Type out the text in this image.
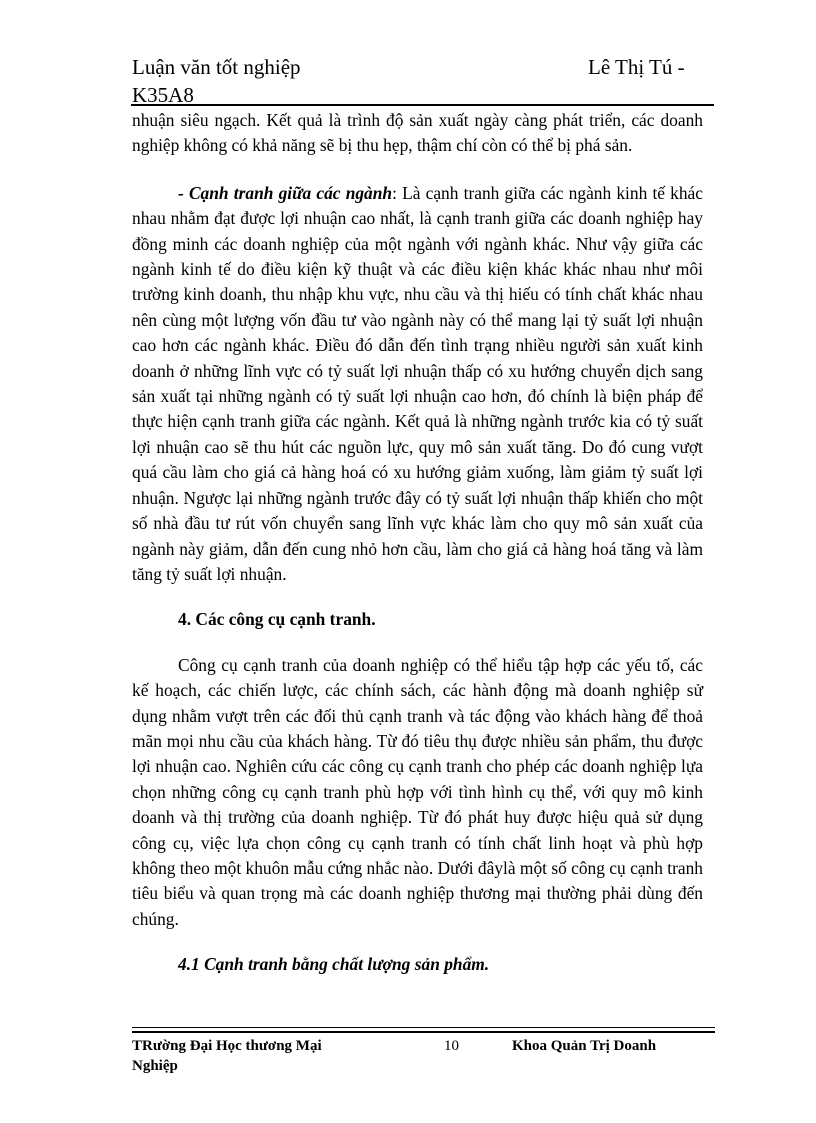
Luận văn tốt nghiệp
K35A8
Lê Thị Tú -

nhuận siêu ngạch. Kết quả là trình độ sản xuất ngày càng phát triển, các doanh nghiệp không có khả năng sẽ bị thu hẹp, thậm chí còn có thể bị phá sản.

- Cạnh tranh giữa các ngành: Là cạnh tranh giữa các ngành kinh tế khác nhau nhằm đạt được lợi nhuận cao nhất, là cạnh tranh giữa các doanh nghiệp hay đồng minh các doanh nghiệp của một ngành với ngành khác. Như vậy giữa các ngành kinh tế do điều kiện kỹ thuật và các điều kiện khác khác nhau như môi trường kinh doanh, thu nhập khu vực, nhu cầu và thị hiếu có tính chất khác nhau nên cùng một lượng vốn đầu tư vào ngành này có thể mang lại tỷ suất lợi nhuận cao hơn các ngành khác. Điều đó dẫn đến tình trạng nhiều người sản xuất kinh doanh ở những lĩnh vực có tỷ suất lợi nhuận thấp có xu hướng chuyển dịch sang sản xuất tại những ngành có tỷ suất lợi nhuận cao hơn, đó chính là biện pháp để thực hiện cạnh tranh giữa các ngành. Kết quả là những ngành trước kia có tỷ suất lợi nhuận cao sẽ thu hút các nguồn lực, quy mô sản xuất tăng. Do đó cung vượt quá cầu làm cho giá cả hàng hoá có xu hướng giảm xuống, làm giảm tỷ suất lợi nhuận. Ngược lại những ngành trước đây có tỷ suất lợi nhuận thấp khiến cho một số nhà đầu tư rút vốn chuyển sang lĩnh vực khác làm cho quy mô sản xuất của ngành này giảm, dẫn đến cung nhỏ hơn cầu, làm cho giá cả hàng hoá tăng và làm tăng tỷ suất lợi nhuận.

4. Các công cụ cạnh tranh.

Công cụ cạnh tranh của doanh nghiệp có thể hiểu tập hợp các yếu tố, các kế hoạch, các chiến lược, các chính sách, các hành động mà doanh nghiệp sử dụng nhằm vượt trên các đối thủ cạnh tranh và tác động vào khách hàng để thoả mãn mọi nhu cầu của khách hàng. Từ đó tiêu thụ được nhiều sản phẩm, thu được lợi nhuận cao. Nghiên cứu các công cụ cạnh tranh cho phép các doanh nghiệp lựa chọn những công cụ cạnh tranh phù hợp với tình hình cụ thể, với quy mô kinh doanh và thị trường của doanh nghiệp. Từ đó phát huy được hiệu quả sử dụng công cụ, việc lựa chọn công cụ cạnh tranh có tính chất linh hoạt và phù hợp không theo một khuôn mẫu cứng nhắc nào. Dưới đâylà một số công cụ cạnh tranh tiêu biểu và quan trọng mà các doanh nghiệp thương mại thường phải dùng đến chúng.

4.1 Cạnh tranh bằng chất lượng sản phẩm.

TRường Đại Học thương Mại Nghiệp
10	Khoa Quản Trị Doanh
